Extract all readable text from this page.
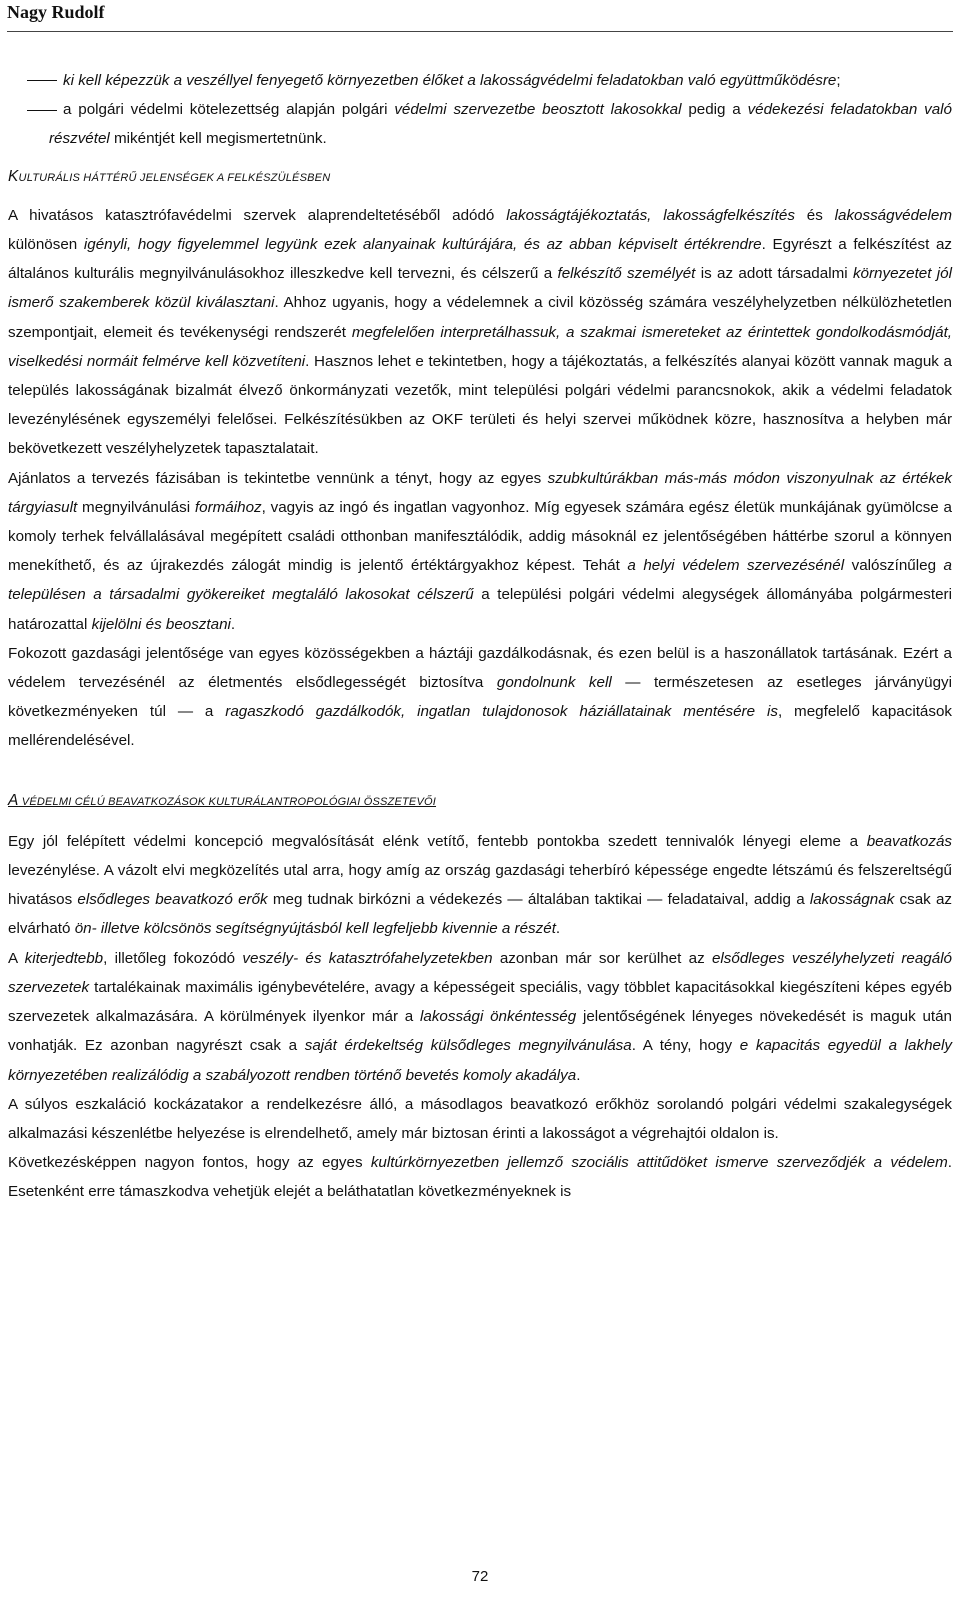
Nagy Rudolf

ki kell képezzük a veszéllyel fenyegető környezetben élőket a lakosságvédelmi feladatokban való együttműködésre;

a polgári védelmi kötelezettség alapján polgári védelmi szervezetbe beosztott lakosokkal pedig a védekezési feladatokban való részvétel mikéntjét kell megismertetnünk.

KULTURÁLIS HÁTTÉRŰ JELENSÉGEK A FELKÉSZÜLÉSBEN

A hivatásos katasztrófavédelmi szervek alaprendeltetéséből adódó lakosságtájékoztatás, lakosságfelkészítés és lakosságvédelem különösen igényli, hogy figyelemmel legyünk ezek alanyainak kultúrájára, és az abban képviselt értékrendre. Egyrészt a felkészítést az általános kulturális megnyilvánulásokhoz illeszkedve kell tervezni, és célszerű a felkészítő személyét is az adott társadalmi környezetet jól ismerő szakemberek közül kiválasztani. Ahhoz ugyanis, hogy a védelemnek a civil közösség számára veszélyhelyzetben nélkülözhetetlen szempontjait, elemeit és tevékenységi rendszerét megfelelően interpretálhassuk, a szakmai ismereteket az érintettek gondolkodásmódját, viselkedési normáit felmérve kell közvetíteni. Hasznos lehet e tekintetben, hogy a tájékoztatás, a felkészítés alanyai között vannak maguk a település lakosságának bizalmát élvező önkormányzati vezetők, mint települési polgári védelmi parancsnokok, akik a védelmi feladatok levezénylésének egyszemélyi felelősei. Felkészítésükben az OKF területi és helyi szervei működnek közre, hasznosítva a helyben már bekövetkezett veszélyhelyzetek tapasztalatait.

Ajánlatos a tervezés fázisában is tekintetbe vennünk a tényt, hogy az egyes szubkultúrákban más-más módon viszonyulnak az értékek tárgyiasult megnyilvánulási formáihoz, vagyis az ingó és ingatlan vagyonhoz. Míg egyesek számára egész életük munkájának gyümölcse a komoly terhek felvállalásával megépített családi otthonban manifesztálódik, addig másoknál ez jelentőségében háttérbe szorul a könnyen menekíthető, és az újrakezdés zálogát mindig is jelentő értéktárgyakhoz képest. Tehát a helyi védelem szervezésénél valószínűleg a településen a társadalmi gyökereiket megtaláló lakosokat célszerű a települési polgári védelmi alegységek állományába polgármesteri határozattal kijelölni és beosztani.

Fokozott gazdasági jelentősége van egyes közösségekben a háztáji gazdálkodásnak, és ezen belül is a haszonállatok tartásának. Ezért a védelem tervezésénél az életmentés elsődlegességét biztosítva gondolnunk kell — természetesen az esetleges járványügyi következményeken túl — a ragaszkodó gazdálkodók, ingatlan tulajdonosok háziállatainak mentésére is, megfelelő kapacitások mellérendelésével.

A VÉDELMI CÉLÚ BEAVATKOZÁSOK KULTURÁLANTROPOLÓGIAI ÖSSZETEVŐI

Egy jól felépített védelmi koncepció megvalósítását elénk vetítő, fentebb pontokba szedett tennivalók lényegi eleme a beavatkozás levezénylése. A vázolt elvi megközelítés utal arra, hogy amíg az ország gazdasági teherbíró képessége engedte létszámú és felszereltségű hivatásos elsődleges beavatkozó erők meg tudnak birkózni a védekezés — általában taktikai — feladataival, addig a lakosságnak csak az elvárható ön- illetve kölcsönös segítségnyújtásból kell legfeljebb kivennie a részét.

A kiterjedtebb, illetőleg fokozódó veszély- és katasztrófahelyzetekben azonban már sor kerülhet az elsődleges veszélyhelyzeti reagáló szervezetek tartalékainak maximális igénybevételére, avagy a képességeit speciális, vagy többlet kapacitásokkal kiegészíteni képes egyéb szervezetek alkalmazására. A körülmények ilyenkor már a lakossági önkéntesség jelentőségének lényeges növekedését is maguk után vonhatják. Ez azonban nagyrészt csak a saját érdekeltség külsődleges megnyilvánulása. A tény, hogy e kapacitás egyedül a lakhely környezetében realizálódig a szabályozott rendben történő bevetés komoly akadálya.

A súlyos eszkaláció kockázatakor a rendelkezésre álló, a másodlagos beavatkozó erőkhöz sorolandó polgári védelmi szakalegységek alkalmazási készenlétbe helyezése is elrendelhető, amely már biztosan érinti a lakosságot a végrehajtói oldalon is.

Következésképpen nagyon fontos, hogy az egyes kultúrkörnyezetben jellemző szociális attitűdöket ismerve szerveződjék a védelem. Esetenként erre támaszkodva vehetjük elejét a beláthatatlan következményeknek is

72
